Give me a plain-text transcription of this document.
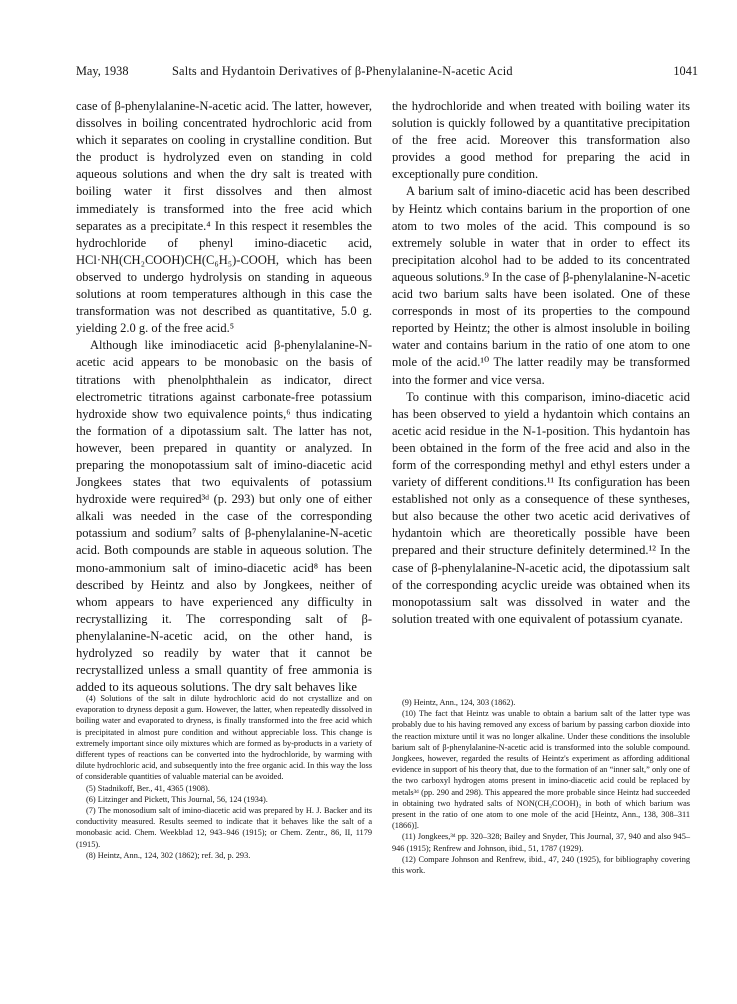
May, 1938	Salts and Hydantoin Derivatives of β-Phenylalanine-N-acetic Acid	1041

case of β-phenylalanine-N-acetic acid. The latter, however, dissolves in boiling concentrated hydrochloric acid from which it separates on cooling in crystalline condition. But the product is hydrolyzed even on standing in cold aqueous solutions and when the dry salt is treated with boiling water it first dissolves and then almost immediately is transformed into the free acid which separates as a precipitate.⁴ In this respect it resembles the hydrochloride of phenyl imino-diacetic acid, HCl·NH(CH₂COOH)CH(C₆H₅)-COOH, which has been observed to undergo hydrolysis on standing in aqueous solutions at room temperatures although in this case the transformation was not described as quantitative, 5.0 g. yielding 2.0 g. of the free acid.⁵

Although like iminodiacetic acid β-phenylalanine-N-acetic acid appears to be monobasic on the basis of titrations with phenolphthalein as indicator, direct electrometric titrations against carbonate-free potassium hydroxide show two equivalence points,⁶ thus indicating the formation of a dipotassium salt. The latter has not, however, been prepared in quantity or analyzed. In preparing the monopotassium salt of imino-diacetic acid Jongkees states that two equivalents of potassium hydroxide were required³ᵈ (p. 293) but only one of either alkali was needed in the case of the corresponding potassium and sodium⁷ salts of β-phenylalanine-N-acetic acid. Both compounds are stable in aqueous solution. The mono-ammonium salt of imino-diacetic acid⁸ has been described by Heintz and also by Jongkees, neither of whom appears to have experienced any difficulty in recrystallizing it. The corresponding salt of β-phenylalanine-N-acetic acid, on the other hand, is hydrolyzed so readily by water that it cannot be recrystallized unless a small quantity of free ammonia is added to its aqueous solutions. The dry salt behaves like

the hydrochloride and when treated with boiling water its solution is quickly followed by a quantitative precipitation of the free acid. Moreover this transformation also provides a good method for preparing the acid in exceptionally pure condition.

A barium salt of imino-diacetic acid has been described by Heintz which contains barium in the proportion of one atom to two moles of the acid. This compound is so extremely soluble in water that in order to effect its precipitation alcohol had to be added to its concentrated aqueous solutions.⁹ In the case of β-phenylalanine-N-acetic acid two barium salts have been isolated. One of these corresponds in most of its properties to the compound reported by Heintz; the other is almost insoluble in boiling water and contains barium in the ratio of one atom to one mole of the acid.¹⁰ The latter readily may be transformed into the former and vice versa.

To continue with this comparison, imino-diacetic acid has been observed to yield a hydantoin which contains an acetic acid residue in the N-1-position. This hydantoin has been obtained in the form of the free acid and also in the form of the corresponding methyl and ethyl esters under a variety of different conditions.¹¹ Its configuration has been established not only as a consequence of these syntheses, but also because the other two acetic acid derivatives of hydantoin which are theoretically possible have been prepared and their structure definitely determined.¹² In the case of β-phenylalanine-N-acetic acid, the dipotassium salt of the corresponding acyclic ureide was obtained when its monopotassium salt was dissolved in water and the solution treated with one equivalent of potassium cyanate.

(4) Solutions of the salt in dilute hydrochloric acid do not crystallize and on evaporation to dryness deposit a gum. However, the latter, when repeatedly dissolved in boiling water and evaporated to dryness, is finally transformed into the free acid which is precipitated in almost pure condition and without appreciable loss. This change is extremely important since oily mixtures which are formed as by-products in a variety of different types of reactions can be converted into the hydrochloride, by warming with dilute hydrochloric acid, and subsequently into the free organic acid. In this way the loss of considerable quantities of valuable material can be avoided.

(5) Stadnikoff, Ber., 41, 4365 (1908).

(6) Litzinger and Pickett, This Journal, 56, 124 (1934).

(7) The monosodium salt of imino-diacetic acid was prepared by H. J. Backer and its conductivity measured. Results seemed to indicate that it behaves like the salt of a monobasic acid. Chem. Weekblad 12, 943–946 (1915); or Chem. Zentr., 86, II, 1179 (1915).

(8) Heintz, Ann., 124, 302 (1862); ref. 3d, p. 293.

(9) Heintz, Ann., 124, 303 (1862).

(10) The fact that Heintz was unable to obtain a barium salt of the latter type was probably due to his having removed any excess of barium by passing carbon dioxide into the reaction mixture until it was no longer alkaline. Under these conditions the insoluble barium salt of β-phenylalanine-N-acetic acid is transformed into the soluble compound. Jongkees, however, regarded the results of Heintz's experiment as affording additional evidence in support of his theory that, due to the formation of an “inner salt,” only one of the two carboxyl hydrogen atoms present in imino-diacetic acid could be replaced by metals³ᵈ (pp. 290 and 298). This appeared the more probable since Heintz had succeeded in obtaining two hydrated salts of NON(CH₂COOH)₂ in both of which barium was present in the ratio of one atom to one mole of the acid [Heintz, Ann., 138, 308–311 (1866)].

(11) Jongkees,³ᵈ pp. 320–328; Bailey and Snyder, This Journal, 37, 940 and also 945–946 (1915); Renfrew and Johnson, ibid., 51, 1787 (1929).

(12) Compare Johnson and Renfrew, ibid., 47, 240 (1925), for bibliography covering this work.
